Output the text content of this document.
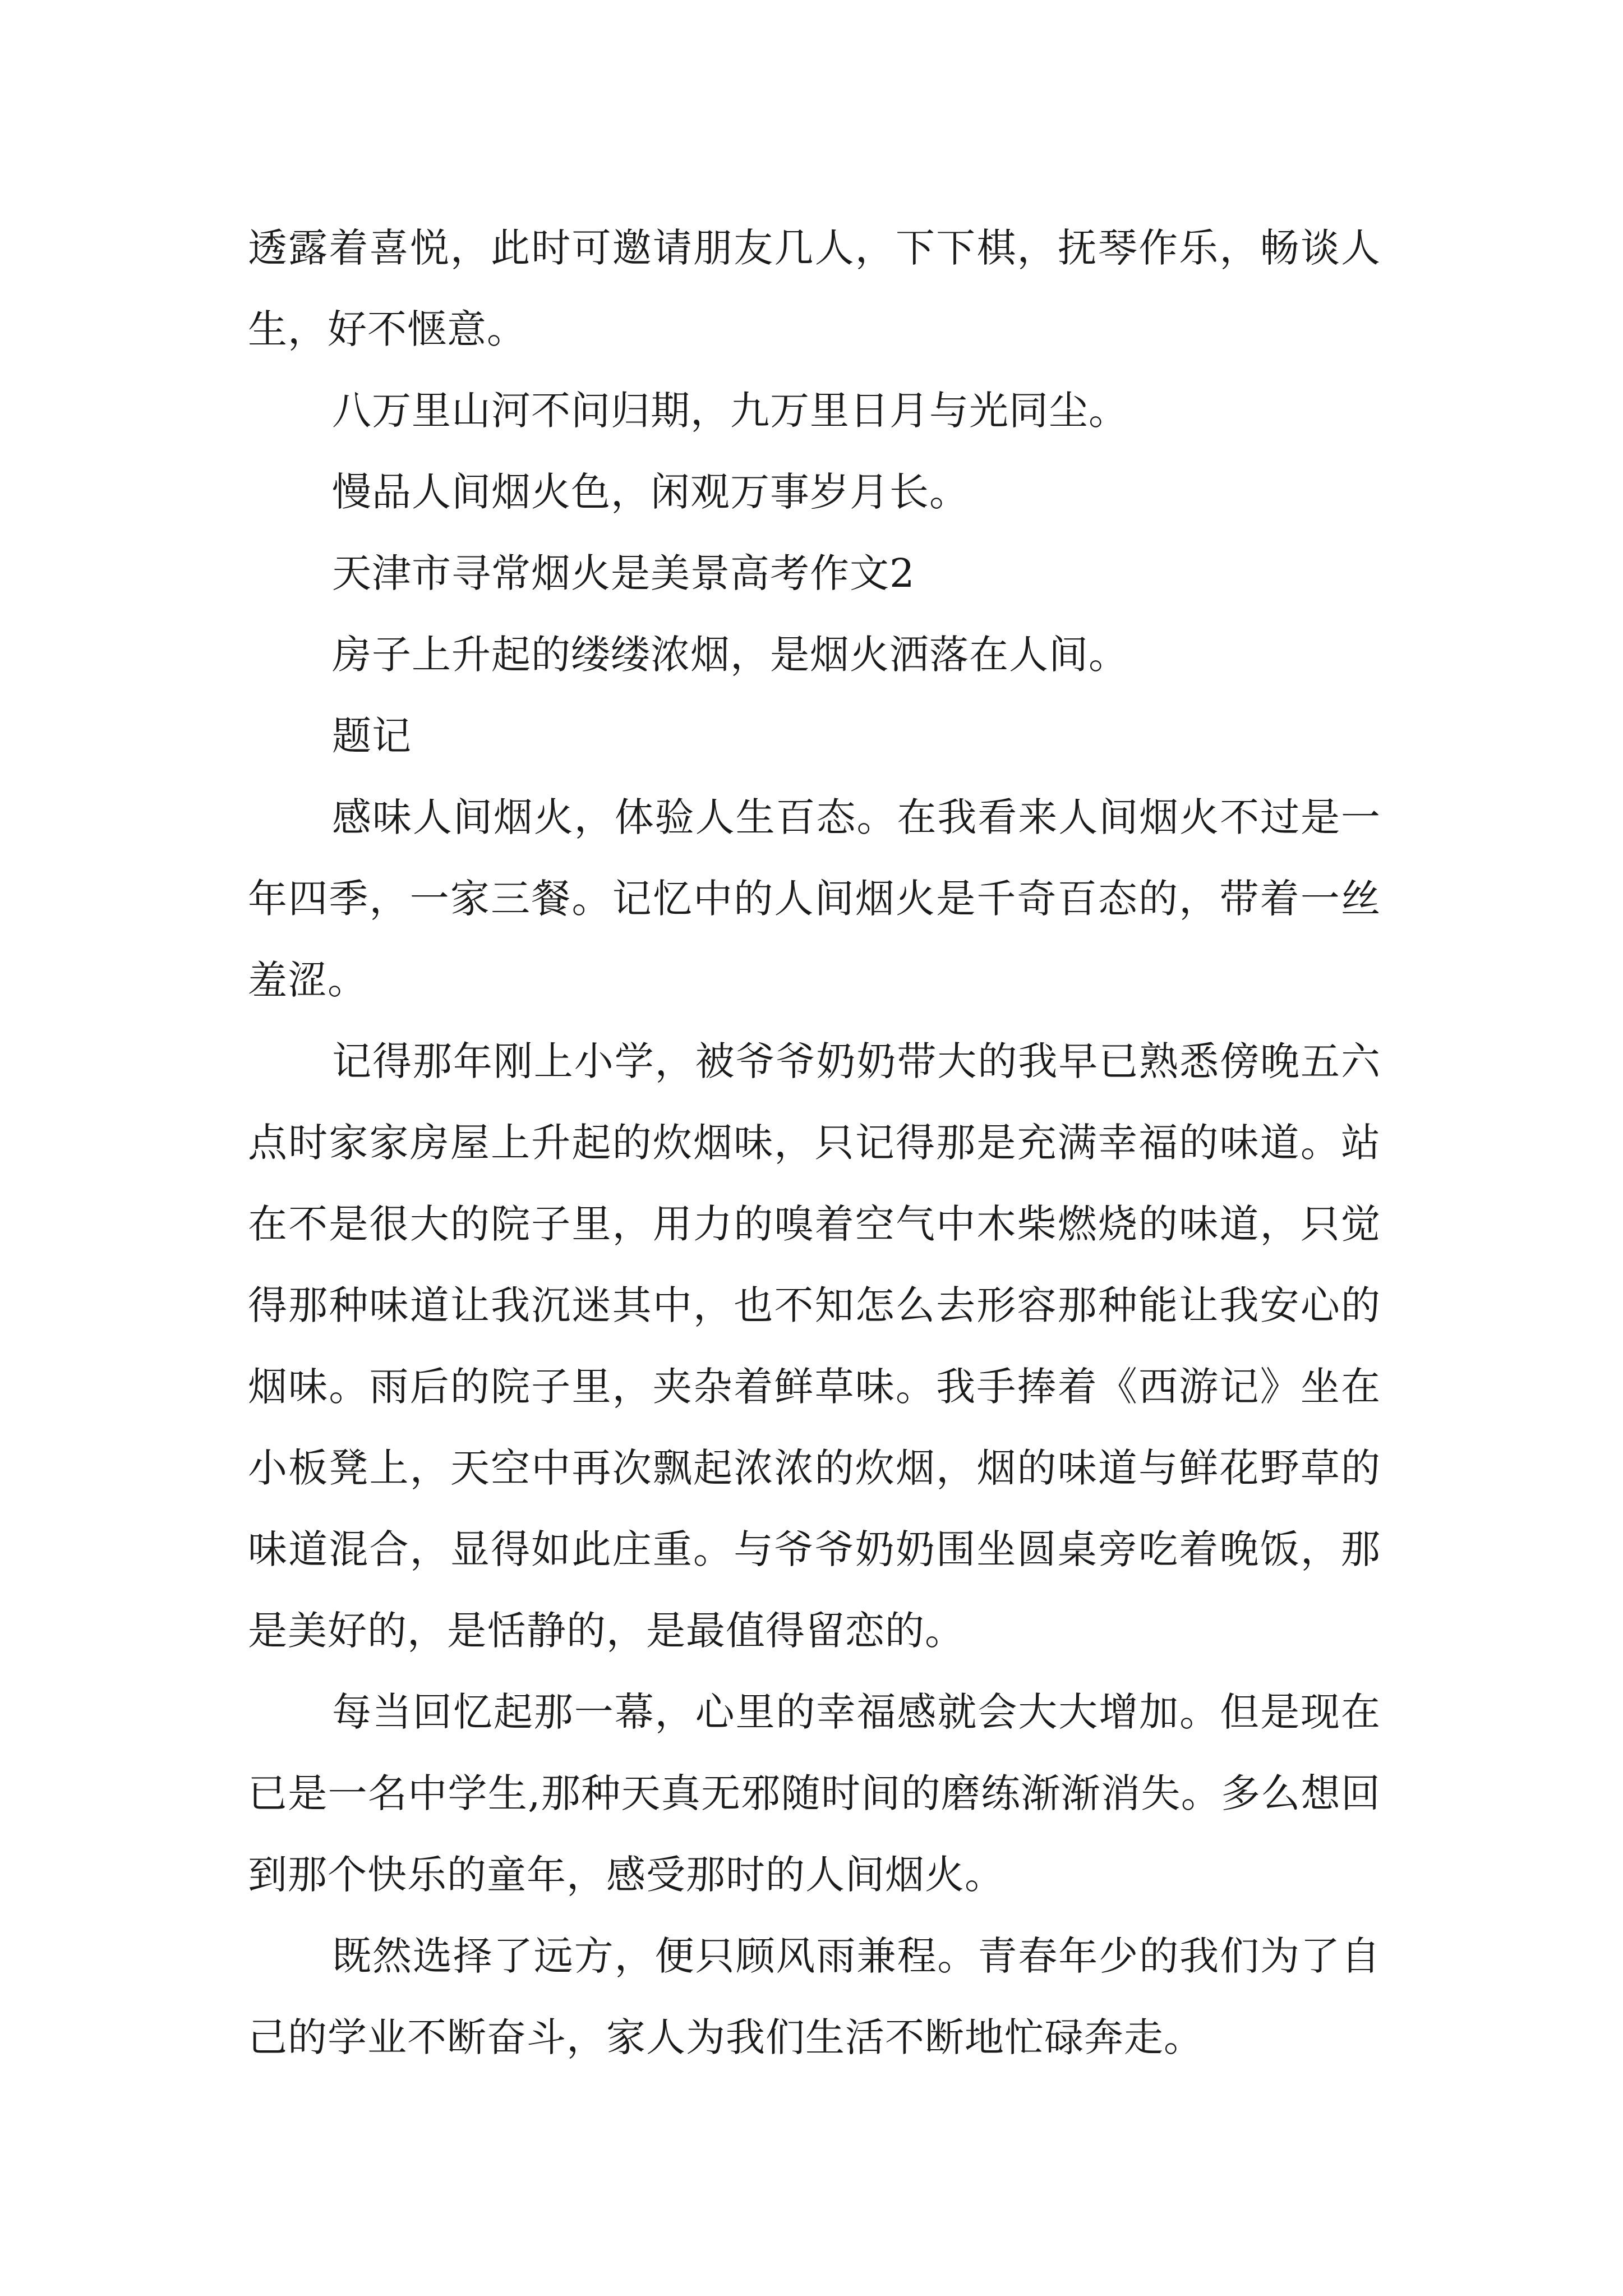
透露着喜悦，此时可邀请朋友几人，下下棋，抚琴作乐，畅谈人生，好不惬意。

八万里山河不问归期，九万里日月与光同尘。

慢品人间烟火色，闲观万事岁月长。

天津市寻常烟火是美景高考作文2

房子上升起的缕缕浓烟，是烟火洒落在人间。

题记

感味人间烟火，体验人生百态。在我看来人间烟火不过是一年四季，一家三餐。记忆中的人间烟火是千奇百态的，带着一丝羞涩。

记得那年刚上小学，被爷爷奶奶带大的我早已熟悉傍晚五六点时家家房屋上升起的炊烟味，只记得那是充满幸福的味道。站在不是很大的院子里，用力的嗅着空气中木柴燃烧的味道，只觉得那种味道让我沉迷其中，也不知怎么去形容那种能让我安心的烟味。雨后的院子里，夹杂着鲜草味。我手捧着《西游记》坐在小板凳上，天空中再次飘起浓浓的炊烟，烟的味道与鲜花野草的味道混合，显得如此庄重。与爷爷奶奶围坐圆桌旁吃着晚饭，那是美好的，是恬静的，是最值得留恋的。

每当回忆起那一幕，心里的幸福感就会大大增加。但是现在已是一名中学生,那种天真无邪随时间的磨练渐渐消失。多么想回到那个快乐的童年，感受那时的人间烟火。

既然选择了远方，便只顾风雨兼程。青春年少的我们为了自己的学业不断奋斗，家人为我们生活不断地忙碌奔走。
